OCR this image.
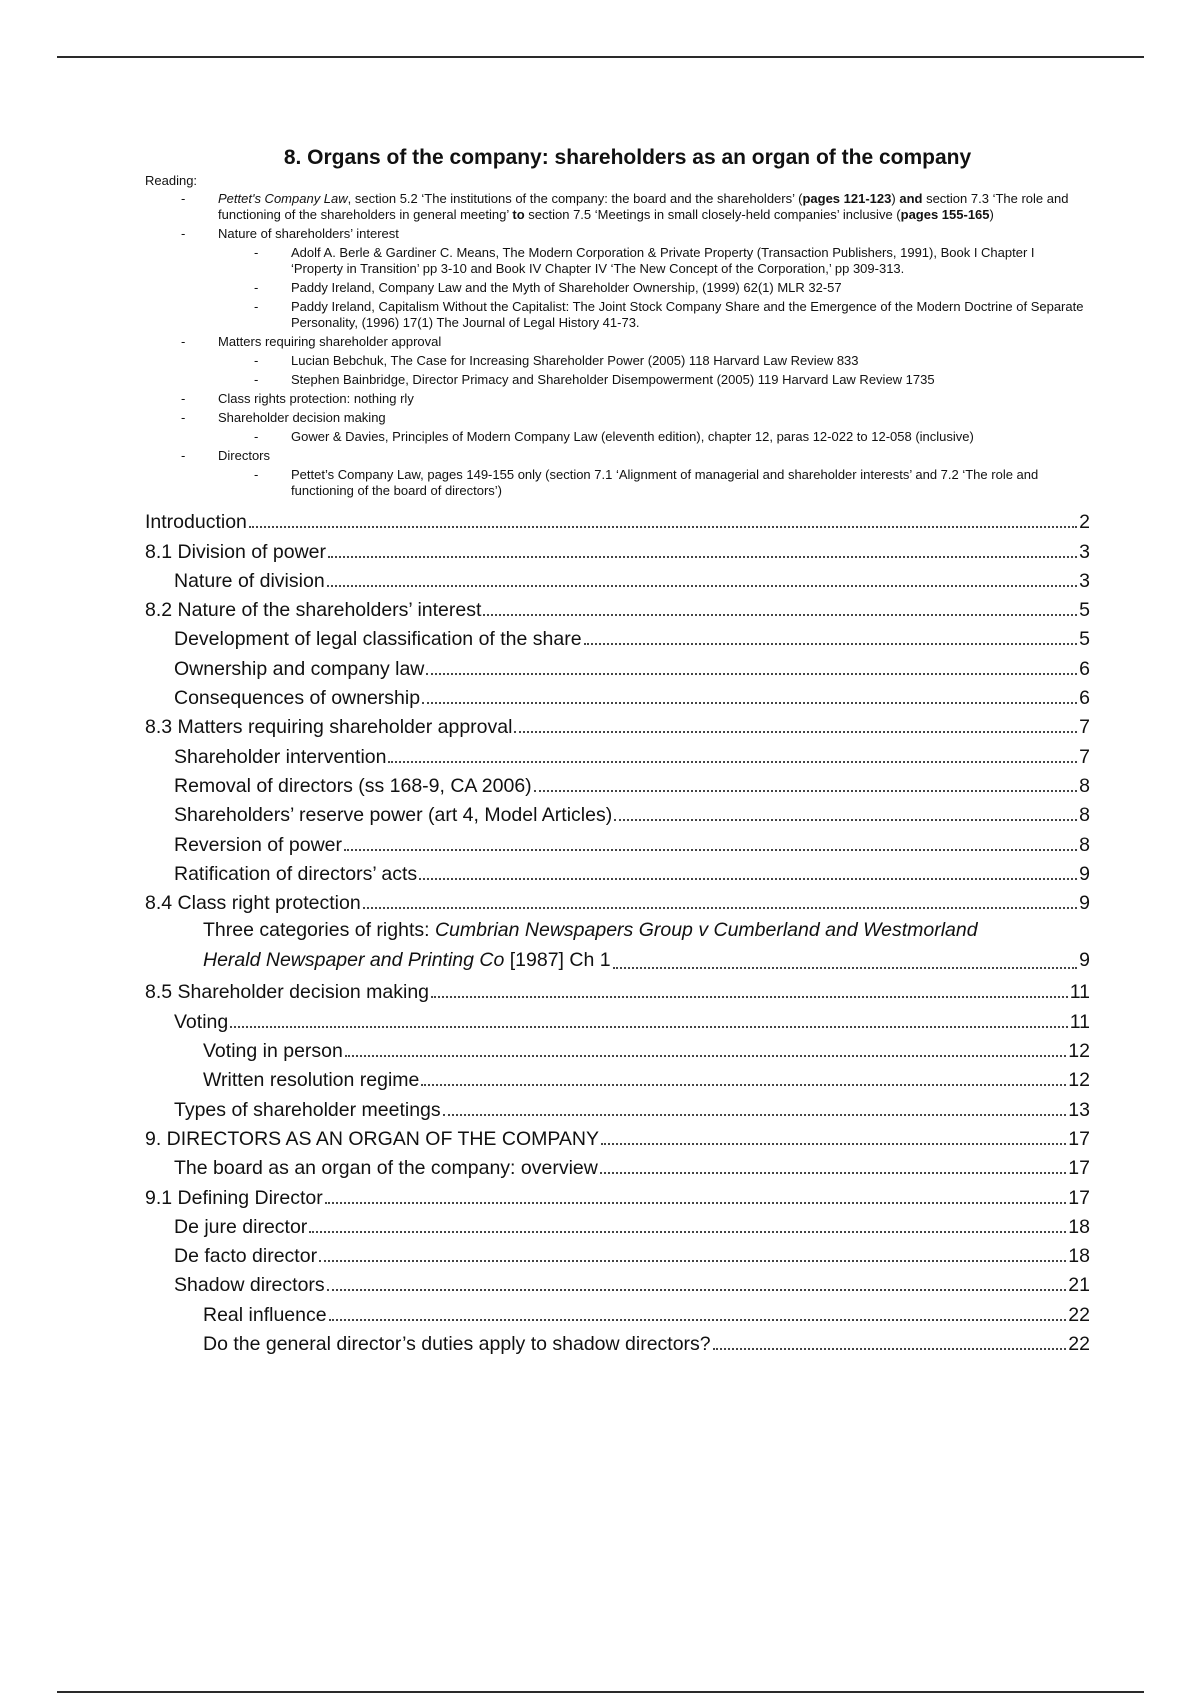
8. Organs of the company: shareholders as an organ of the company
Reading:
- Pettet's Company Law, section 5.2 ‘The institutions of the company: the board and the shareholders’ (pages 121-123) and section 7.3 ‘The role and functioning of the shareholders in general meeting’ to section 7.5 ‘Meetings in small closely-held companies’ inclusive (pages 155-165)
- Nature of shareholders’ interest
- Adolf A. Berle & Gardiner C. Means, The Modern Corporation & Private Property (Transaction Publishers, 1991), Book I Chapter I ‘Property in Transition’ pp 3-10 and Book IV Chapter IV ‘The New Concept of the Corporation,’ pp 309-313.
- Paddy Ireland, Company Law and the Myth of Shareholder Ownership, (1999) 62(1) MLR 32-57
- Paddy Ireland, Capitalism Without the Capitalist: The Joint Stock Company Share and the Emergence of the Modern Doctrine of Separate Personality, (1996) 17(1) The Journal of Legal History 41-73.
- Matters requiring shareholder approval
- Lucian Bebchuk, The Case for Increasing Shareholder Power (2005) 118 Harvard Law Review 833
- Stephen Bainbridge, Director Primacy and Shareholder Disempowerment (2005) 119 Harvard Law Review 1735
- Class rights protection: nothing rly
- Shareholder decision making
- Gower & Davies, Principles of Modern Company Law (eleventh edition), chapter 12, paras 12-022 to 12-058 (inclusive)
- Directors
- Pettet’s Company Law, pages 149-155 only (section 7.1 ‘Alignment of managerial and shareholder interests’ and 7.2 ‘The role and functioning of the board of directors’)
Introduction	2
8.1 Division of power	3
Nature of division	3
8.2 Nature of the shareholders’ interest	5
Development of legal classification of the share	5
Ownership and company law	6
Consequences of ownership	6
8.3 Matters requiring shareholder approval	7
Shareholder intervention	7
Removal of directors (ss 168-9, CA 2006)	8
Shareholders’ reserve power (art 4, Model Articles)	8
Reversion of power	8
Ratification of directors’ acts	9
8.4 Class right protection	9
Three categories of rights: Cumbrian Newspapers Group v Cumberland and Westmorland
Herald Newspaper and Printing Co [1987] Ch 1	9
8.5 Shareholder decision making	11
Voting	11
Voting in person	12
Written resolution regime	12
Types of shareholder meetings	13
9. DIRECTORS AS AN ORGAN OF THE COMPANY	17
The board as an organ of the company: overview	17
9.1 Defining Director	17
De jure director	18
De facto director	18
Shadow directors	21
Real influence	22
Do the general director’s duties apply to shadow directors?	22
